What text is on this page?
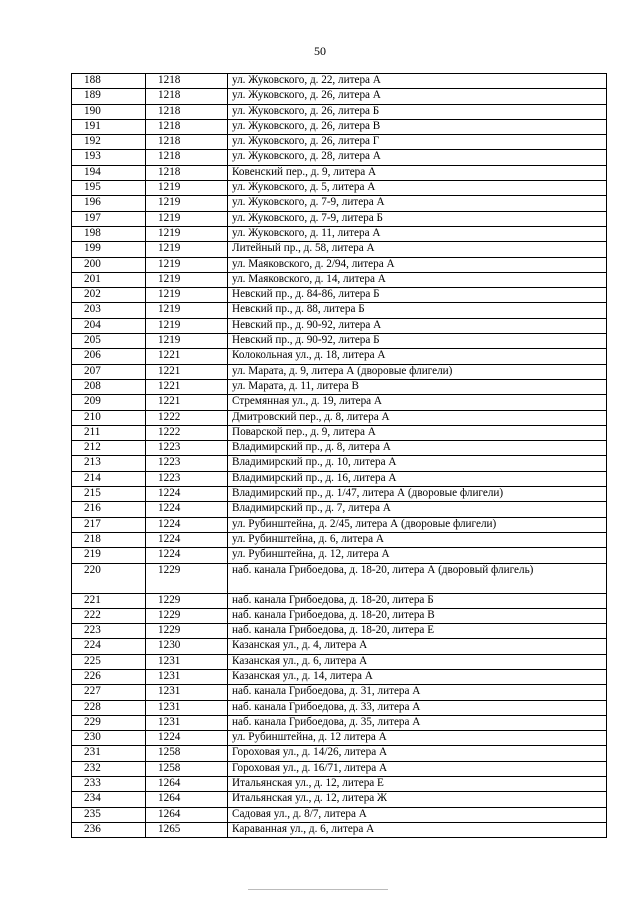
50
188	1218	ул. Жуковского, д. 22, литера А
189	1218	ул. Жуковского, д. 26, литера А
190	1218	ул. Жуковского, д. 26, литера Б
191	1218	ул. Жуковского, д. 26, литера В
192	1218	ул. Жуковского, д. 26, литера Г
193	1218	ул. Жуковского, д. 28, литера А
194	1218	Ковенский пер., д. 9, литера А
195	1219	ул. Жуковского, д. 5, литера А
196	1219	ул. Жуковского, д. 7-9, литера А
197	1219	ул. Жуковского, д. 7-9, литера Б
198	1219	ул. Жуковского, д. 11, литера А
199	1219	Литейный пр., д. 58, литера А
200	1219	ул. Маяковского, д. 2/94, литера А
201	1219	ул. Маяковского, д. 14, литера А
202	1219	Невский пр., д. 84-86, литера Б
203	1219	Невский пр., д. 88, литера Б
204	1219	Невский пр., д. 90-92, литера А
205	1219	Невский пр., д. 90-92, литера Б
206	1221	Колокольная ул., д. 18, литера А
207	1221	ул. Марата, д. 9, литера А (дворовые флигели)
208	1221	ул. Марата, д. 11, литера В
209	1221	Стремянная ул., д. 19, литера А
210	1222	Дмитровский пер., д. 8, литера А
211	1222	Поварской пер., д. 9, литера А
212	1223	Владимирский пр., д. 8, литера А
213	1223	Владимирский пр., д. 10, литера А
214	1223	Владимирский пр., д. 16, литера А
215	1224	Владимирский пр., д. 1/47, литера А (дворовые флигели)
216	1224	Владимирский пр., д. 7, литера А
217	1224	ул. Рубинштейна, д. 2/45, литера А (дворовые флигели)
218	1224	ул. Рубинштейна, д. 6, литера А
219	1224	ул. Рубинштейна, д. 12, литера А
220	1229	наб. канала Грибоедова, д. 18-20, литера А (дворовый флигель)
221	1229	наб. канала Грибоедова, д. 18-20, литера Б
222	1229	наб. канала Грибоедова, д. 18-20, литера В
223	1229	наб. канала Грибоедова, д. 18-20, литера Е
224	1230	Казанская ул., д. 4, литера А
225	1231	Казанская ул., д. 6, литера А
226	1231	Казанская ул., д. 14, литера А
227	1231	наб. канала Грибоедова, д. 31, литера А
228	1231	наб. канала Грибоедова, д. 33, литера А
229	1231	наб. канала Грибоедова, д. 35, литера А
230	1224	ул. Рубинштейна, д. 12 литера А
231	1258	Гороховая ул., д. 14/26, литера А
232	1258	Гороховая ул., д. 16/71, литера А
233	1264	Итальянская ул., д. 12, литера Е
234	1264	Итальянская ул., д. 12, литера Ж
235	1264	Садовая ул., д. 8/7, литера А
236	1265	Караванная ул., д. 6, литера А
